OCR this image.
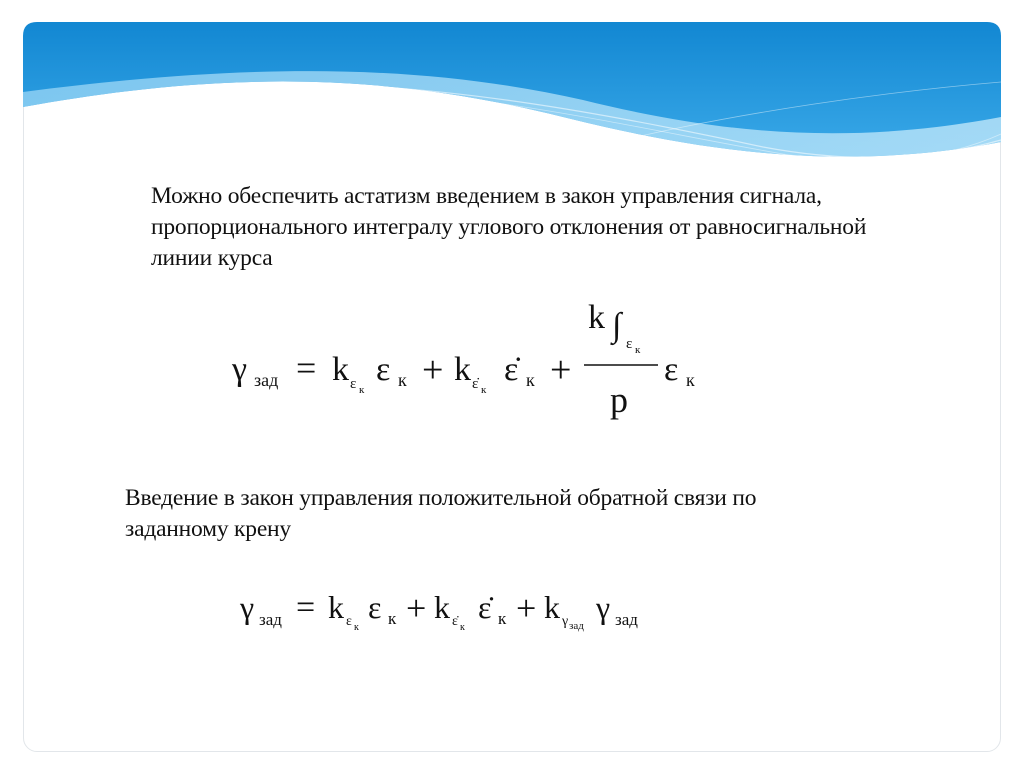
Можно обеспечить астатизм введением в закон управления сигнала, пропорционального интегралу углового отклонения от равносигнальной линии курса

γ зад = k ε к
ε к + k ε̇ к
ε̇ к +
k ∫ ε к
p
ε к

Введение в закон управления положительной обратной связи по заданному крену

γ зад = k ε к
ε к + k ε̇ к
ε̇ к + k γ зад
γ зад
